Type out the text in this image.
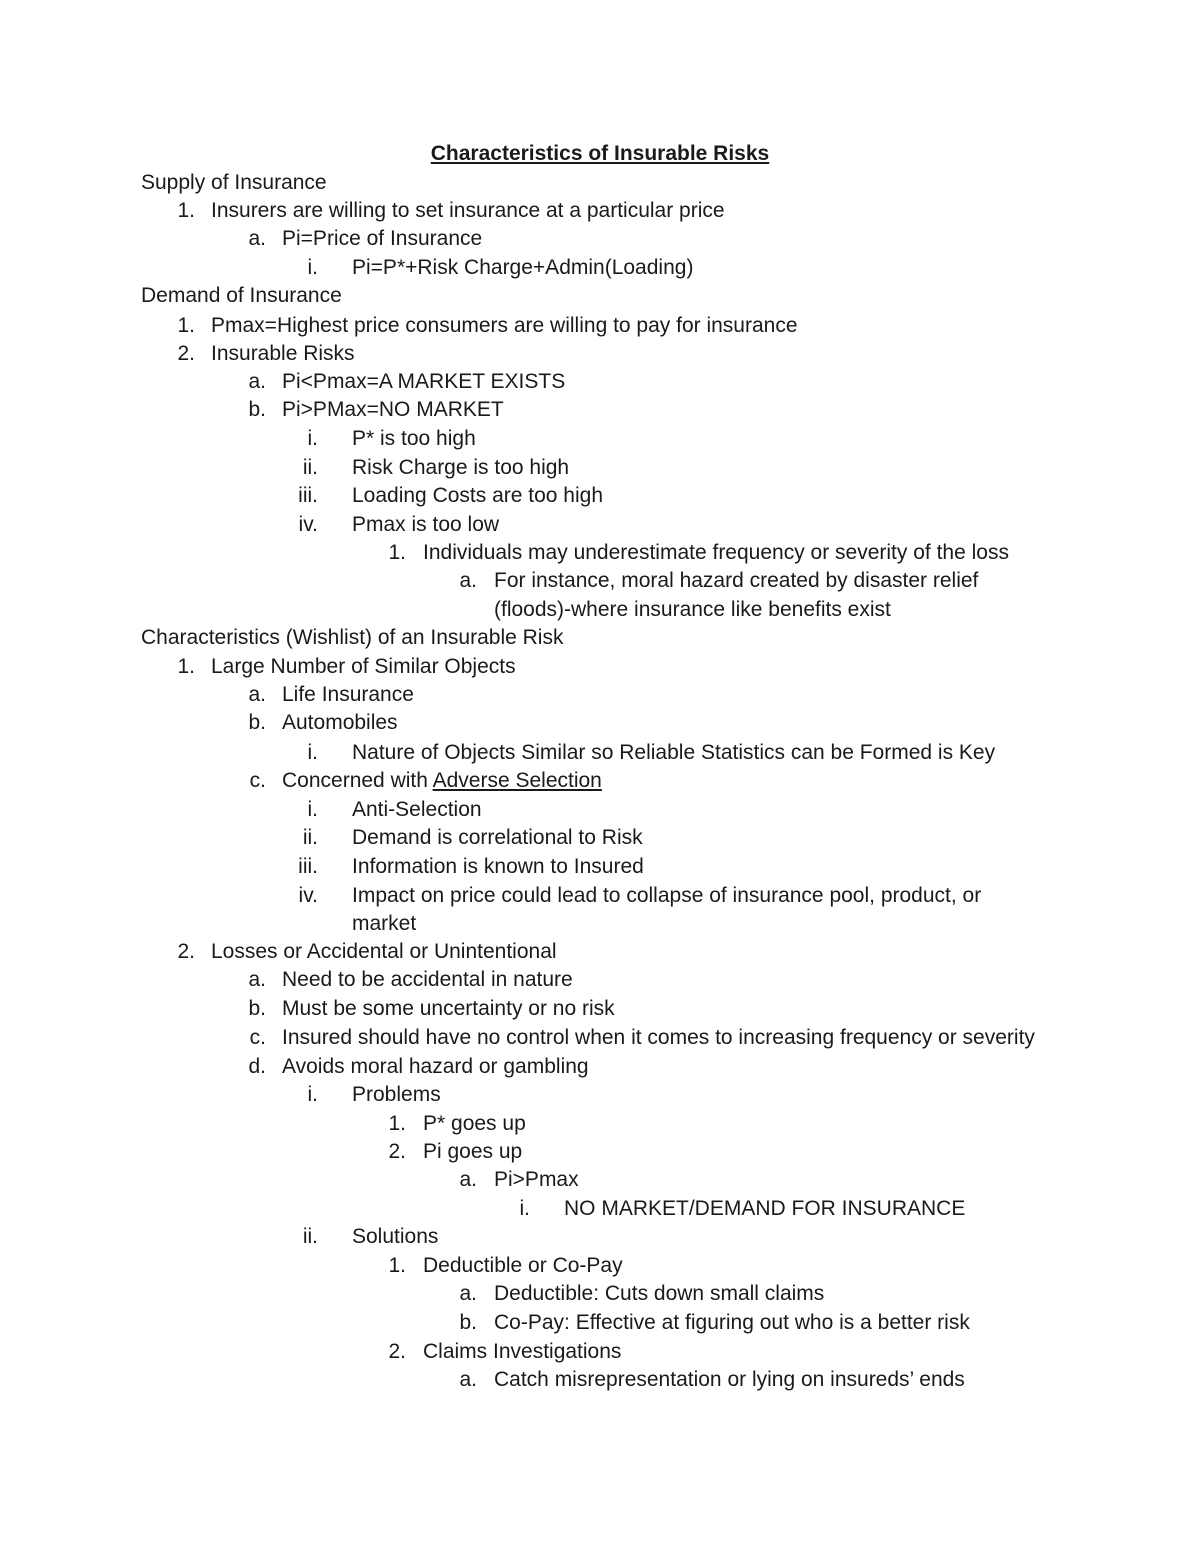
Characteristics of Insurable Risks
Supply of Insurance
1. Insurers are willing to set insurance at a particular price
a. Pi=Price of Insurance
i. Pi=P*+Risk Charge+Admin(Loading)
Demand of Insurance
1. Pmax=Highest price consumers are willing to pay for insurance
2. Insurable Risks
a. Pi<Pmax=A MARKET EXISTS
b. Pi>PMax=NO MARKET
i. P* is too high
ii. Risk Charge is too high
iii. Loading Costs are too high
iv. Pmax is too low
1. Individuals may underestimate frequency or severity of the loss
a. For instance, moral hazard created by disaster relief
(floods)-where insurance like benefits exist
Characteristics (Wishlist) of an Insurable Risk
1. Large Number of Similar Objects
a. Life Insurance
b. Automobiles
i. Nature of Objects Similar so Reliable Statistics can be Formed is Key
c. Concerned with Adverse Selection
i. Anti-Selection
ii. Demand is correlational to Risk
iii. Information is known to Insured
iv. Impact on price could lead to collapse of insurance pool, product, or
market
2. Losses or Accidental or Unintentional
a. Need to be accidental in nature
b. Must be some uncertainty or no risk
c. Insured should have no control when it comes to increasing frequency or severity
d. Avoids moral hazard or gambling
i. Problems
1. P* goes up
2. Pi goes up
a. Pi>Pmax
i. NO MARKET/DEMAND FOR INSURANCE
ii. Solutions
1. Deductible or Co-Pay
a. Deductible: Cuts down small claims
b. Co-Pay: Effective at figuring out who is a better risk
2. Claims Investigations
a. Catch misrepresentation or lying on insureds’ ends
